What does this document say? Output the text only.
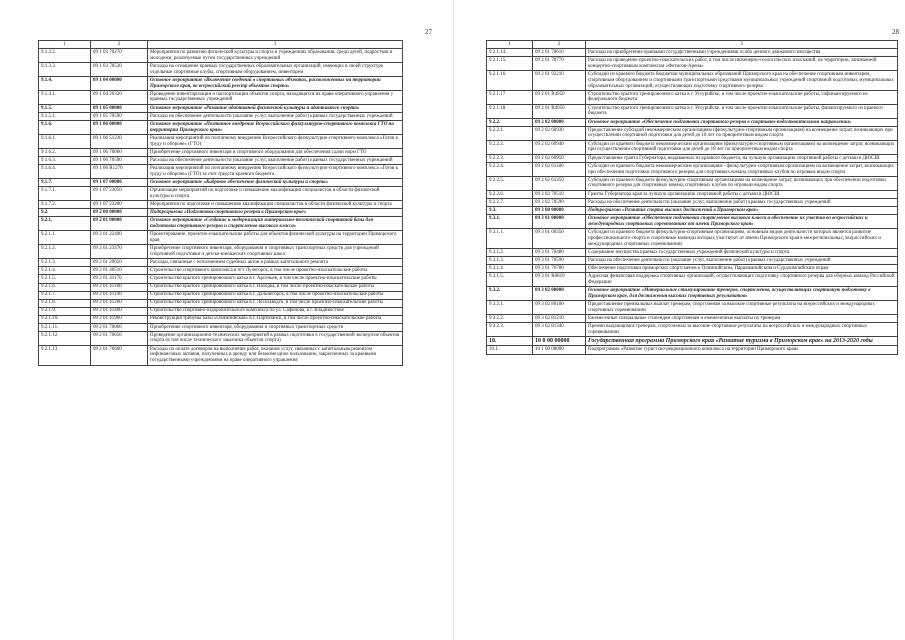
27
1	2	3
9.1.3.2.	09 1 03 70270	Мероприятия по развитию физической культуры и спорта в учреждениях образования, среди детей, подростков и молодежи, реализуемые путем государственных учреждений
9.1.3.3.	09 1 03 70520	Расходы на оснащение краевых государственных образовательных организаций, имеющих в своей структуре отдельные спортивные клубы, спортивным оборудованием, инвентарем
9.1.4.	09 1 04 00000	Основное мероприятие «Включение сведений о спортивных объектах, расположенных на территории Приморского края, во всероссийский реестр объектов спорта»
9.1.4.1.	09 1 04 20320	Проведение инвентаризации и паспортизации объектов спорта, находящихся на праве оперативного управления у краевых государственных учреждений
9.1.5.	09 1 05 00000	Основное мероприятие «Развитие адаптивной физической культуры и адаптивного спорта»
9.1.5.1.	09 1 05 70590	Расходы на обеспечение деятельности (оказание услуг, выполнение работ) краевых государственных учреждений
9.1.6.	09 1 06 00000	Основное мероприятие «Поэтапное внедрение Всероссийского физкультурно-спортивного комплекса ГТО на территории Приморского края»
9.1.6.1.	09 1 06 51230	Реализация мероприятий по поэтапному внедрению Всероссийского физкультурно-спортивного комплекса «Готов к труду и обороне» (ГТО)
9.1.6.2.	09 1 06 70060	Приобретение спортивного инвентаря и спортивного оборудования для обеспечения сдачи норм ГТО
9.1.6.3.	09 1 06 70590	Расходы на обеспечение деятельности (оказание услуг, выполнение работ) краевых государственных учреждений
9.1.6.4.	09 1 06 R1270	Реализация мероприятий по поэтапному внедрению Всероссийского физкультурно-спортивного комплекса «Готов к труду и обороне» (ГТО) за счет средств краевого бюджета
9.1.7.	09 1 07 00000	Основное мероприятие «Кадровое обеспечение физической культуры и спорта»
9.1.7.1.	09 1 07 23050	Организация мероприятий по подготовке и повышению квалификации специалистов в области физической культуры и спорта
9.1.7.2.	09 1 07 23200	Мероприятия по подготовке и повышению квалификации специалистов в области физической культуры и спорта
9.2.	09 2 00 00000	Подпрограмма «Подготовка спортивного резерва в Приморском крае»
9.2.1.	09 2 01 00000	Основное мероприятие «Создание и модернизация материально-технической спортивной базы для подготовки спортивного резерва и спортсменов высокого класса»
9.2.1.1.	09 2 01 22400	Проектирование, проектно-изыскательские работы для объектов физической культуры на территории Приморского края
9.2.1.2.	09 2 01 23470	Приобретение спортивного инвентаря, оборудования и спортивных транспортных средств для учреждений спортивной подготовки и детско-юношеских спортивных школ
9.2.1.3.	09 2 01 29050	Расходы, связанные с исполнением судебных актов в рамках капитального ремонта
9.2.1.4.	09 2 01 40510	Строительство спортивного комплекса в пгт Лучегорск, в том числе проектно-изыскательские работы
9.2.1.5.	09 2 01 41170	Строительство крытого тренировочного катка в г. Арсеньев, в том числе проектно-изыскательские работы
9.2.1.6.	09 2 01 41180	Строительство крытого тренировочного катка в г. Находка, в том числе проектно-изыскательские работы
9.2.1.7.	09 2 01 41190	Строительство крытого тренировочного катка в г. Дальнегорск, в том числе проектно-изыскательские работы
9.2.1.8.	09 2 01 41200	Строительство крытого тренировочного катка в г. Лесозаводск, в том числе проектно-изыскательские работы
9.2.1.9.	09 2 01 41400	Строительство спортивно-оздоровительного комплекса по ул. Сафонова, в г. Владивостоке
9.2.1.10.	09 2 01 41960	Реконструкция трибуны базы «Олимпийская» в г. Партизанск, в том числе проектно-изыскательские работы
9.2.1.11.	09 2 01 70060	Приобретение спортивного инвентаря, оборудования и спортивных транспортных средств
9.2.1.12.	09 2 01 70650	Проведение организационно-технических мероприятий в рамках подготовки к государственной экспертизе объектов спорта (в том числе технического заказчика объектов спорта)
9.2.1.13.	09 2 01 70600	Расходы по оплате договоров на выполнение работ, оказание услуг, связанных с капитальным ремонтом нефинансовых активов, полученных в аренду или безвозмездное пользование, закрепленных за краевыми государственными учреждениями на праве оперативного управления
28
1	2	3
9.2.1.14.	09 2 01 70610	Расходы на приобретение краевыми государственными учреждениями особо ценного движимого имущества
9.2.1.15.	09 2 01 70770	Расходы на проведение проектно-изыскательских работ, в том числе инженерно-геологических изысканий, на территории, занимаемой концертно-спортивным комплексом «Фетисов-Арена»
9.2.1.16.	09 2 01 92210	Субсидии из краевого бюджета бюджетам муниципальных образований Приморского края на обеспечение спортивным инвентарем, спортивным оборудованием и спортивными транспортными средствами муниципальных учреждений спортивной подготовки, муниципальных образовательных организаций, осуществляющих подготовку спортивного резерва
9.2.1.17.	09 2 01 R4950	Строительство крытого тренировочного катка в г. Уссурийске, в том числе проектно-изыскательские работы, софинансируемого из федерального бюджета
9.2.1.18.	09 2 01 R4950	Строительство крытого тренировочного катка в г. Уссурийске, в том числе проектно-изыскательские работы, финансируемого из краевого бюджета
9.2.2.	09 2 02 00000	Основное мероприятие «Обеспечение подготовки спортивного резерва в спортивно-подготовительном направлении»
9.2.2.1.	09 2 02 60930	Предоставление субсидий некоммерческим организациям (физкультурно-спортивным организациям) на возмещение затрат, возникающих при осуществлении спортивной подготовки для детей до 18 лет по приоритетным видам спорта
9.2.2.2.	09 2 02 60940	Субсидии из краевого бюджета некоммерческим организациям (физкультурно-спортивным организациям) на возмещение затрат, возникающих при осуществлении спортивной подготовки для детей до 18 лет по приоритетным видам спорта
9.2.2.3.	09 2 02 60950	Предоставление гранта Губернатора, выдаваемых из краевого бюджета, на лучшую организацию спортивной работы с детьми в ДЮСШ
9.2.2.4.	09 2 02 61180	Субсидии из краевого бюджета некоммерческим организациям - физкультурно-спортивным организациям на возмещение затрат, возникающих при обеспечении подготовки спортивного резерва для спортивных команд спортивных клубов по игровым видам спорта
9.2.2.5.	09 2 02 61350	Субсидии из краевого бюджета физкультурно-спортивным организациям на возмещение затрат, возникающих при обеспечении подготовки спортивного резерва для спортивных команд спортивных клубов по игровым видам спорта
9.2.2.6.	09 2 02 70510	Гранты Губернатора края за лучшую организацию спортивной работы с детьми в ДЮСШ
9.2.2.7.	09 2 02 70590	Расходы на обеспечение деятельности (оказание услуг, выполнение работ) краевых государственных учреждений
9.3.	09 3 00 00000	Подпрограмма «Развитие спорта высших достижений в Приморском крае»
9.3.1.	09 3 01 00000	Основное мероприятие «Обеспечение подготовки спортсменов высокого класса и обеспечение их участия во всероссийских и международных спортивных соревнованиях от имени Приморского края»
9.3.1.1.	09 3 01 60350	Субсидии из краевого бюджета физкультурно-спортивным организациям, основным видом деятельности которых является развитие профессионального спорта и спортивные команды которых участвуют от имени Приморского края в межрегиональных, всероссийских и международных спортивных соревнованиях
9.3.1.2.	09 3 01 70480	Содержание имущества краевых государственных учреждений физической культуры и спорта
9.3.1.3.	09 3 01 70590	Расходы на обеспечение деятельности (оказание услуг, выполнение работ) краевых государственных учреждений
9.3.1.4.	09 3 01 70780	Обеспечение подготовки приморских спортсменов к Олимпийским, Паралимпийским и Сурдлимпийским играм
9.3.1.5.	09 3 01 R0810	Адресная финансовая поддержка спортивных организаций, осуществляющих подготовку спортивного резерва для сборных команд Российской Федерации
9.3.2.	09 3 02 00000	Основное мероприятие «Материальное стимулирование тренеров, спортсменов, осуществляющих спортивную подготовку в Приморском крае, для достижения высоких спортивных результатов»
9.3.2.1.	09 3 02 80100	Предоставление премиальных выплат тренерам, спортсменам за высокие спортивные результаты на всероссийских и международных спортивных соревнованиях
9.3.2.2.	09 3 02 81210	Ежемесячные специальные стипендии спортсменам и ежемесячные выплаты их тренерам
9.3.2.3.	09 3 02 81340	Премии выдающимся тренерам, спортсменам за высокие спортивные результаты на всероссийских и международных спортивных соревнованиях
10.	10 0 00 00000	Государственная программа Приморского края «Развитие туризма в Приморском крае» на 2013-2020 годы
10.1.	10 1 00 00000	Подпрограмма «Развитие туристско-рекреационного комплекса на территории Приморского края»
